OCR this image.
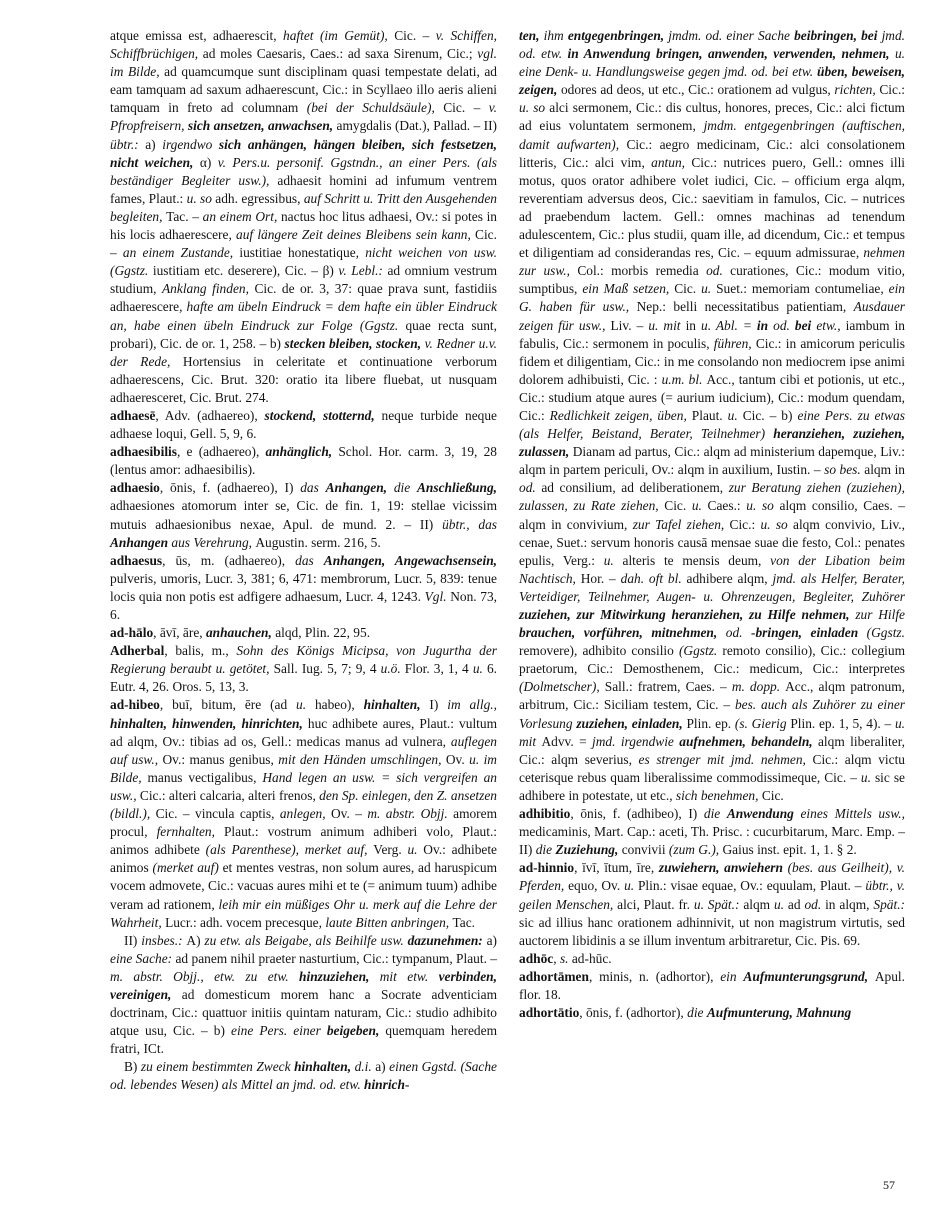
atque emissa est, adhaerescit, haftet (im Gemüt), Cic. – v. Schiffen, Schiffbrüchigen, ad moles Caesaris, Caes.: ad saxa Sirenum, Cic.; vgl. im Bilde, ad quamcumque sunt disciplinam quasi tempestate delati, ad eam tamquam ad saxum adhaerescunt, Cic.: in Scyllaeo illo aeris alieni tamquam in freto ad columnam (bei der Schuldsäule), Cic. – v. Pfropfreisern, sich ansetzen, anwachsen, amygdalis (Dat.), Pallad. – II) übtr.: a) irgendwo sich anhängen, hängen bleiben, sich festsetzen, nicht weichen, α) v. Pers.u. personif. Ggstndn., an einer Pers. (als beständiger Begleiter usw.), adhaesit homini ad infumum ventrem fames, Plaut.: u. so adh. egressibus, auf Schritt u. Tritt den Ausgehenden begleiten, Tac. – an einem Ort, nactus hoc litus adhaesi, Ov.: si potes in his locis adhaerescere, auf längere Zeit deines Bleibens sein kann, Cic. – an einem Zustande, iustitiae honestatique, nicht weichen von usw. (Ggstz. iustitiam etc. deserere), Cic. – β) v. Lebl.: ad omnium vestrum studium, Anklang finden, Cic. de or. 3, 37: quae prava sunt, fastidiis adhaerescere, hafte am übeln Eindruck = dem hafte ein übler Eindruck an, habe einen übeln Eindruck zur Folge (Ggstz. quae recta sunt, probari), Cic. de or. 1, 258. – b) stecken bleiben, stocken, v. Redner u.v. der Rede, Hortensius in celeritate et continuatione verborum adhaerescens, Cic. Brut. 320: oratio ita libere fluebat, ut nusquam adhaeresceret, Cic. Brut. 274.

adhaesē, Adv. (adhaereo), stockend, stotternd, neque turbide neque adhaese loqui, Gell. 5, 9, 6.

adhaesibilis, e (adhaereo), anhänglich, Schol. Hor. carm. 3, 19, 28 (lentus amor: adhaesibilis).

adhaesio, ōnis, f. (adhaereo), I) das Anhangen, die Anschließung, adhaesiones atomorum inter se, Cic. de fin. 1, 19: stellae vicissim mutuis adhaesionibus nexae, Apul. de mund. 2. – II) übtr., das Anhangen aus Verehrung, Augustin. serm. 216, 5.

adhaesus, ūs, m. (adhaereo), das Anhangen, Angewachsensein, pulveris, umoris, Lucr. 3, 381; 6, 471: membrorum, Lucr. 5, 839: tenue locis quia non potis est adfigere adhaesum, Lucr. 4, 1243. Vgl. Non. 73, 6.

ad-hālo, āvī, āre, anhauchen, alqd, Plin. 22, 95.

Adherbal, balis, m., Sohn des Königs Micipsa, von Jugurtha der Regierung beraubt u. getötet, Sall. Iug. 5, 7; 9, 4 u.ö. Flor. 3, 1, 4 u. 6. Eutr. 4, 26. Oros. 5, 13, 3.

ad-hibeo, buī, bitum, ēre (ad u. habeo), hinhalten, I) im allg., hinhalten, hinwenden, hinrichten, huc adhibete aures, Plaut.: vultum ad alqm, Ov.: tibias ad os, Gell.: medicas manus ad vulnera, auflegen auf usw., Ov.: manus genibus, mit den Händen umschlingen, Ov. u. im Bilde, manus vectigalibus, Hand legen an usw. = sich vergreifen an usw., Cic.: alteri calcaria, alteri frenos, den Sp. einlegen, den Z. ansetzen (bildl.), Cic. – vincula captis, anlegen, Ov. – m. abstr. Objj. amorem procul, fernhalten, Plaut.: vostrum animum adhiberi volo, Plaut.: animos adhibete (als Parenthese), merket auf, Verg. u. Ov.: adhibete animos (merket auf) et mentes vestras, non solum aures, ad haruspicum vocem admovete, Cic.: vacuas aures mihi et te (= animum tuum) adhibe veram ad rationem, leih mir ein müßiges Ohr u. merk auf die Lehre der Wahrheit, Lucr.: adh. vocem precesque, laute Bitten anbringen, Tac.

II) insbes.: A) zu etw. als Beigabe, als Beihilfe usw. dazunehmen: a) eine Sache: ad panem nihil praeter nasturtium, Cic.: tympanum, Plaut. – m. abstr. Objj., etw. zu etw. hinzuziehen, mit etw. verbinden, vereinigen, ad domesticum morem hanc a Socrate adventiciam doctrinam, Cic.: quattuor initiis quintam naturam, Cic.: studio adhibito atque usu, Cic. – b) eine Pers. einer beigeben, quemquam heredem fratri, ICt.

B) zu einem bestimmten Zweck hinhalten, d.i. a) einen Ggstd. (Sache od. lebendes Wesen) als Mittel an jmd. od. etw. hinrich-

ten, ihm entgegenbringen, jmdm. od. einer Sache beibringen, bei jmd. od. etw. in Anwendung bringen, anwenden, verwenden, nehmen, u. eine Denk- u. Handlungsweise gegen jmd. od. bei etw. üben, beweisen, zeigen, odores ad deos, ut etc., Cic.: orationem ad vulgus, richten, Cic.: u. so alci sermonem, Cic.: dis cultus, honores, preces, Cic.: alci fictum ad eius voluntatem sermonem, jmdm. entgegenbringen (auftischen, damit aufwarten), Cic.: aegro medicinam, Cic.: alci consolationem litteris, Cic.: alci vim, antun, Cic.: nutrices puero, Gell.: omnes illi motus, quos orator adhibere volet iudici, Cic. – officium erga alqm, reverentiam adversus deos, Cic.: saevitiam in famulos, Cic. – nutrices ad praebendum lactem. Gell.: omnes machinas ad tenendum adulescentem, Cic.: plus studii, quam ille, ad dicendum, Cic.: et tempus et diligentiam ad considerandas res, Cic. – equum admissurae, nehmen zur usw., Col.: morbis remedia od. curationes, Cic.: modum vitio, sumptibus, ein Maß setzen, Cic. u. Suet.: memoriam contumeliae, ein G. haben für usw., Nep.: belli necessitatibus patientiam, Ausdauer zeigen für usw., Liv. – u. mit in u. Abl. = in od. bei etw., iambum in fabulis, Cic.: sermonem in poculis, führen, Cic.: in amicorum periculis fidem et diligentiam, Cic.: in me consolando non mediocrem ipse animi dolorem adhibuisti, Cic. : u.m. bl. Acc., tantum cibi et potionis, ut etc., Cic.: studium atque aures (= aurium iudicium), Cic.: modum quendam, Cic.: Redlichkeit zeigen, üben, Plaut. u. Cic. – b) eine Pers. zu etwas (als Helfer, Beistand, Berater, Teilnehmer) heranziehen, zuziehen, zulassen, Dianam ad partus, Cic.: alqm ad ministerium dapemque, Liv.: alqm in partem periculi, Ov.: alqm in auxilium, Iustin. – so bes. alqm in od. ad consilium, ad deliberationem, zur Beratung ziehen (zuziehen), zulassen, zu Rate ziehen, Cic. u. Caes.: u. so alqm consilio, Caes. – alqm in convivium, zur Tafel ziehen, Cic.: u. so alqm convivio, Liv., cenae, Suet.: servum honoris causā mensae suae die festo, Col.: penates epulis, Verg.: u. alteris te mensis deum, von der Libation beim Nachtisch, Hor. – dah. oft bl. adhibere alqm, jmd. als Helfer, Berater, Verteidiger, Teilnehmer, Augen- u. Ohrenzeugen, Begleiter, Zuhörer zuziehen, zur Mitwirkung heranziehen, zu Hilfe nehmen, zur Hilfe brauchen, vorführen, mitnehmen, od. -bringen, einladen (Ggstz. removere), adhibito consilio (Ggstz. remoto consilio), Cic.: collegium praetorum, Cic.: Demosthenem, Cic.: medicum, Cic.: interpretes (Dolmetscher), Sall.: fratrem, Caes. – m. dopp. Acc., alqm patronum, arbitrum, Cic.: Siciliam testem, Cic. – bes. auch als Zuhörer zu einer Vorlesung zuziehen, einladen, Plin. ep. (s. Gierig Plin. ep. 1, 5, 4). – u. mit Advv. = jmd. irgendwie aufnehmen, behandeln, alqm liberaliter, Cic.: alqm severius, es strenger mit jmd. nehmen, Cic.: alqm victu ceterisque rebus quam liberalissime commodissimeque, Cic. – u. sic se adhibere in potestate, ut etc., sich benehmen, Cic.

adhibitio, ōnis, f. (adhibeo), I) die Anwendung eines Mittels usw., medicaminis, Mart. Cap.: aceti, Th. Prisc. : cucurbitarum, Marc. Emp. – II) die Zuziehung, convivii (zum G.), Gaius inst. epit. 1, 1. § 2.

ad-hinnio, īvī, ītum, īre, zuwiehern, anwiehern (bes. aus Geilheit), v. Pferden, equo, Ov. u. Plin.: visae equae, Ov.: equulam, Plaut. – übtr., v. geilen Menschen, alci, Plaut. fr. u. Spät.: alqm u. ad od. in alqm, Spät.: sic ad illius hanc orationem adhinnivit, ut non magistrum virtutis, sed auctorem libidinis a se illum inventum arbitraretur, Cic. Pis. 69.

adhōc, s. ad-hūc.

adhortāmen, minis, n. (adhortor), ein Aufmunterungsgrund, Apul. flor. 18.

adhortātio, ōnis, f. (adhortor), die Aufmunterung, Mahnung

57
